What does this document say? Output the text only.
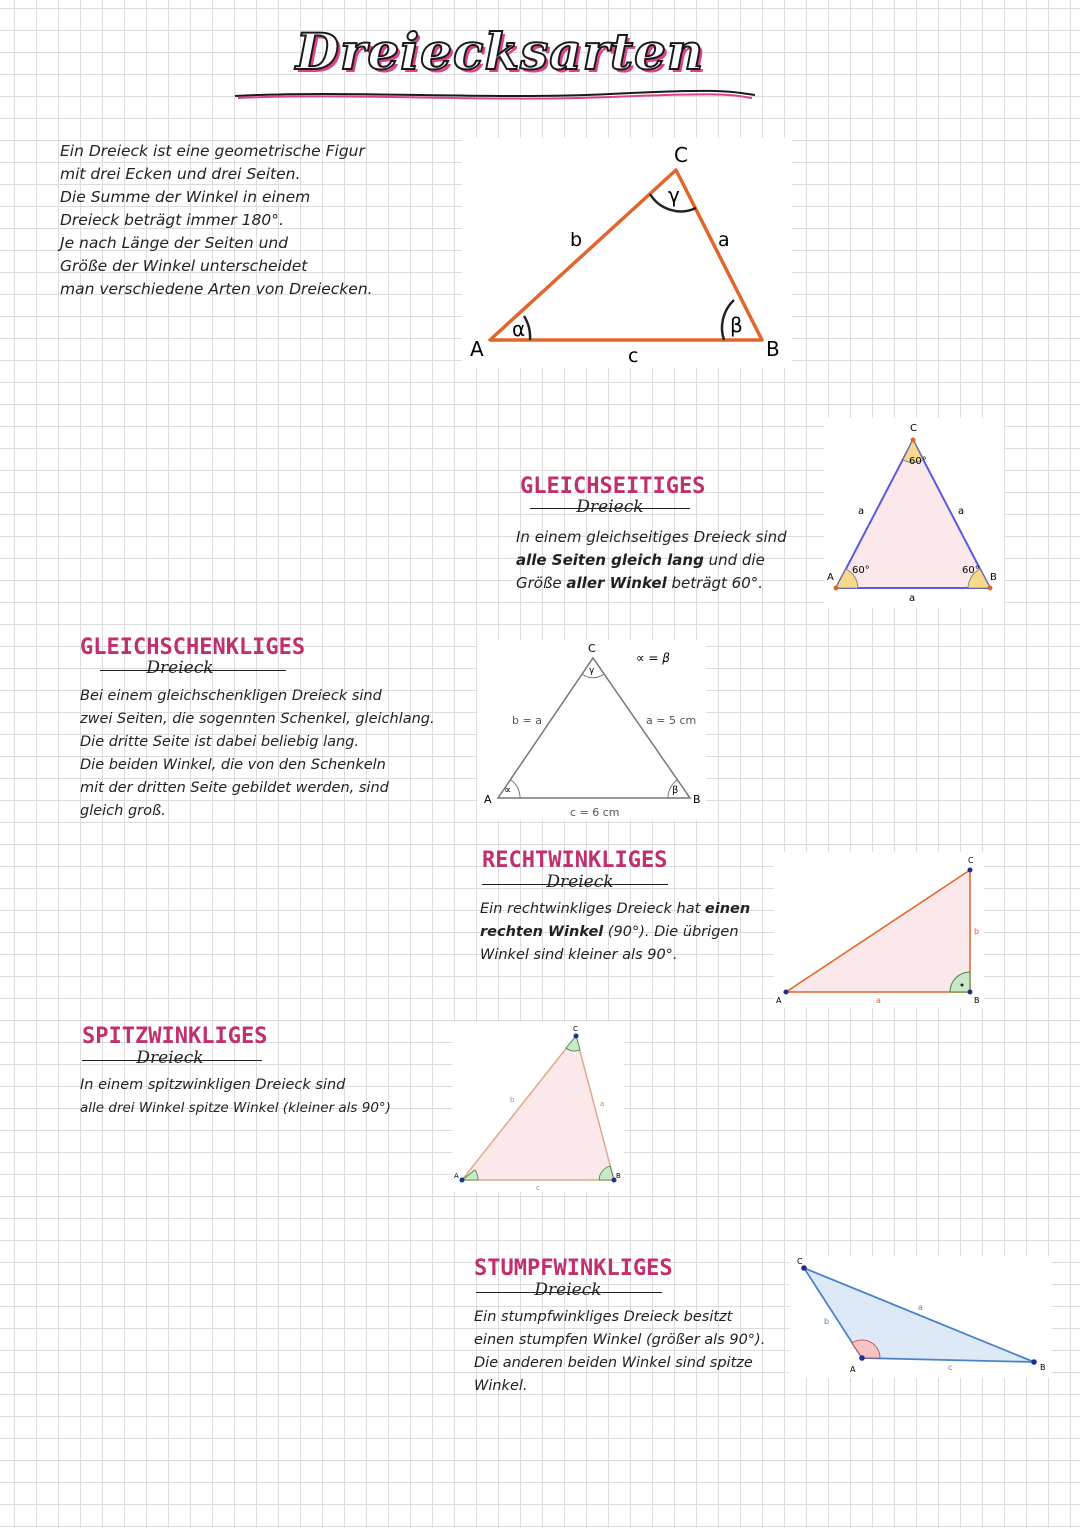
Dreiecksarten

Ein Dreieck ist eine geometrische Figur

mit drei Ecken und drei Seiten.

Die Summe der Winkel in einem

Dreieck beträgt immer 180°.

Je nach Länge der Seiten und

Größe der Winkel unterscheidet

man verschiedene Arten von Dreiecken.

A	B
C
a
b
c
α	β
γ
GLEICHSEITIGES
Dreieck

In einem gleichseitiges Dreieck sind

alle Seiten gleich lang und die

Größe aller Winkel beträgt 60°.	A	B
C
a	a
a
60°	60°
60°
GLEICHSCHENKLIGES
Dreieck

Bei einem gleichschenkligen Dreieck sind

zwei Seiten, die sogennten Schenkel, gleichlang.

Die dritte Seite ist dabei beliebig lang.

Die beiden Winkel, die von den Schenkeln

mit der dritten Seite gebildet werden, sind

gleich groß.

A	B
C
b = a	a = 5 cm
c = 6 cm
∝ = β
∝	β
γ
RECHTWINKLIGES
Dreieck

Ein rechtwinkliges Dreieck hat einen

rechten Winkel (90°). Die übrigen

Winkel sind kleiner als 90°.

A	B
C
a
b
SPITZWINKLIGES
Dreieck

In einem spitzwinkligen Dreieck sind

alle drei Winkel spitze Winkel (kleiner als 90°)

A	B
C
a
b
c
STUMPFWINKLIGES
Dreieck

Ein stumpfwinkliges Dreieck besitzt

einen stumpfen Winkel (größer als 90°).

Die anderen beiden Winkel sind spitze

Winkel.

A	B
C
a
b
c
